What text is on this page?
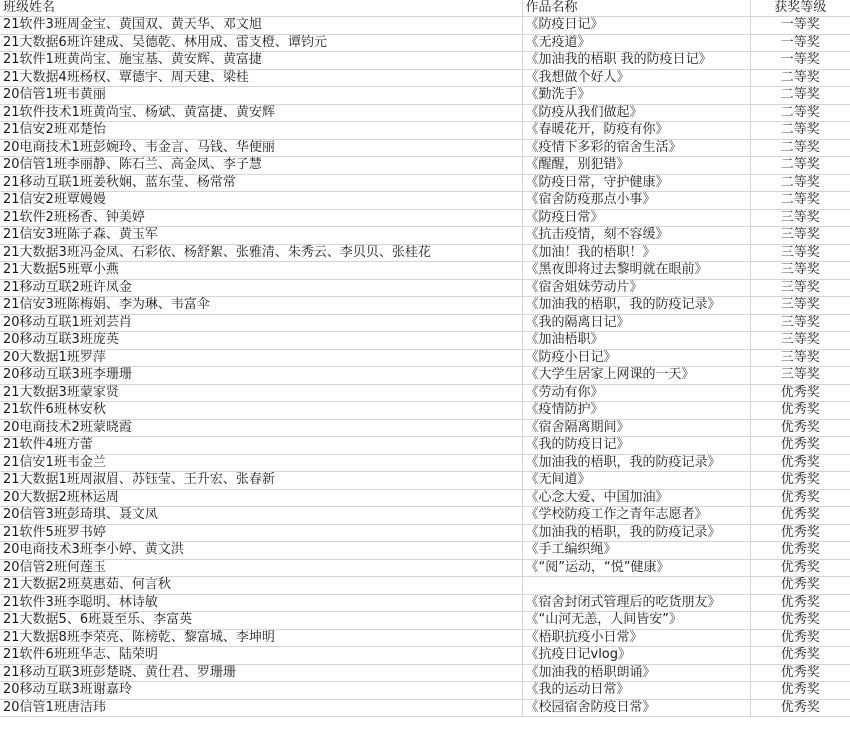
班级姓名	作品名称	获奖等级
21软件3班周金宝、黄国双、黄天华、邓文旭	《防疫日记》	一等奖
21大数据6班许建成、吴德乾、林用成、雷支橙、谭钧元	《无疫道》	一等奖
21软件1班黄尚宝、施宝基、黄安辉、黄富捷	《加油我的梧职 我的防疫日记》	一等奖
21大数据4班杨权、覃德宇、周天建、梁桂	《我想做个好人》	二等奖
20信管1班韦黄丽	《勤洗手》	二等奖
21软件技术1班黄尚宝、杨斌、黄富捷、黄安辉	《防疫从我们做起》	二等奖
21信安2班邓楚怡	《春暖花开，防疫有你》	二等奖
20电商技术1班彭婉玲、韦金言、马钱、华便丽	《疫情下多彩的宿舍生活》	二等奖
20信管1班李丽静、陈石兰、高金凤、李子慧	《醒醒，别犯错》	二等奖
21移动互联1班姜秋娴、蓝东莹、杨常常	《防疫日常，守护健康》	二等奖
21信安2班覃嫚嫚	《宿舍防疫那点小事》	二等奖
21软件2班杨香、钟美婷	《防疫日常》	三等奖
21信安3班陈子森、黄玉军	《抗击疫情，刻不容缓》	三等奖
21大数据3班冯金凤、石彩依、杨舒絮、张雅清、朱秀云、李贝贝、张桂花	《加油！我的梧职！》	三等奖
21大数据5班覃小燕	《黑夜即将过去黎明就在眼前》	三等奖
21移动互联2班许凤金	《宿舍姐妹劳动片》	三等奖
21信安3班陈梅娟、李为琳、韦富伞	《加油我的梧职，我的防疫记录》	三等奖
20移动互联1班刘芸肖	《我的隔离日记》	三等奖
20移动互联3班庞英	《加油梧职》	三等奖
20大数据1班罗萍	《防疫小日记》	三等奖
20移动互联3班李珊珊	《大学生居家上网课的一天》	三等奖
21大数据3班蒙家贤	《劳动有你》	优秀奖
21软件6班林安秋	《疫情防护》	优秀奖
20电商技术2班蒙晓霞	《宿舍隔离期间》	优秀奖
21软件4班方蕾	《我的防疫日记》	优秀奖
21信安1班韦金兰	《加油我的梧职，我的防疫记录》	优秀奖
21大数据1班周淑眉、苏钰莹、王升宏、张春新	《无间道》	优秀奖
20大数据2班林运周	《心念大爱、中国加油》	优秀奖
20信管3班彭琦琪、聂文凤	《学校防疫工作之青年志愿者》	优秀奖
21软件5班罗书婷	《加油我的梧职，我的防疫记录》	优秀奖
20电商技术3班李小婷、黄文洪	《手工编织绳》	优秀奖
20信管2班何莲玉	《“阅”运动，“悦”健康》	优秀奖
21大数据2班莫惠茹、何言秋		优秀奖
21软件3班李聪明、林诗敏	《宿舍封闭式管理后的吃货朋友》	优秀奖
21大数据5、6班聂至乐、李富英	《“山河无恙，人间皆安”》	优秀奖
21大数据8班李荣亮、陈榜乾、黎富城、李坤明	《梧职抗疫小日常》	优秀奖
21软件6班班华志、陆荣明	《抗疫日记vlog》	优秀奖
21移动互联3班彭楚晓、黄仕君、罗珊珊	《加油我的梧职朗诵》	优秀奖
20移动互联3班谢嘉玲	《我的运动日常》	优秀奖
20信管1班唐洁玮	《校园宿舍防疫日常》	优秀奖
